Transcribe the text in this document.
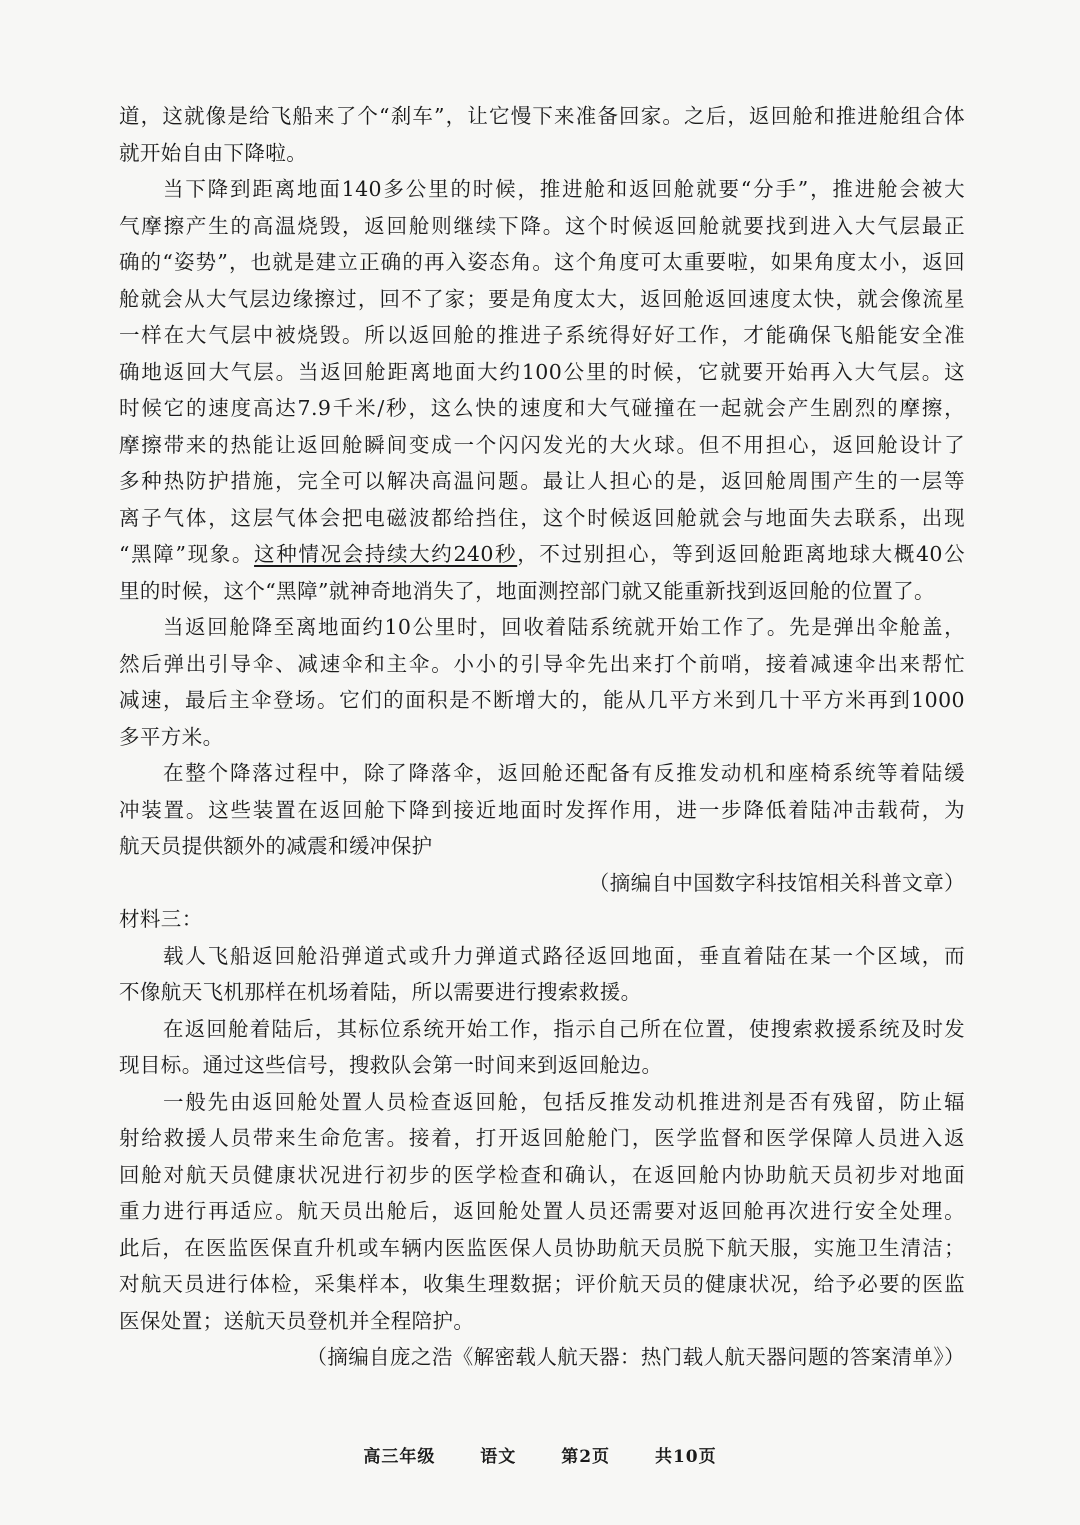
道，这就像是给飞船来了个“刹车”，让它慢下来准备回家。之后，返回舱和推进舱组合体
就开始自由下降啦。
当下降到距离地面140多公里的时候，推进舱和返回舱就要“分手”，推进舱会被大
气摩擦产生的高温烧毁，返回舱则继续下降。这个时候返回舱就要找到进入大气层最正
确的“姿势”，也就是建立正确的再入姿态角。这个角度可太重要啦，如果角度太小，返回
舱就会从大气层边缘擦过，回不了家；要是角度太大，返回舱返回速度太快，就会像流星
一样在大气层中被烧毁。所以返回舱的推进子系统得好好工作，才能确保飞船能安全准
确地返回大气层。当返回舱距离地面大约100公里的时候，它就要开始再入大气层。这
时候它的速度高达7.9千米/秒，这么快的速度和大气碰撞在一起就会产生剧烈的摩擦，
摩擦带来的热能让返回舱瞬间变成一个闪闪发光的大火球。但不用担心，返回舱设计了
多种热防护措施，完全可以解决高温问题。最让人担心的是，返回舱周围产生的一层等
离子气体，这层气体会把电磁波都给挡住，这个时候返回舱就会与地面失去联系，出现
“黑障”现象。这种情况会持续大约240秒，不过别担心，等到返回舱距离地球大概40公
里的时候，这个“黑障”就神奇地消失了，地面测控部门就又能重新找到返回舱的位置了。
当返回舱降至离地面约10公里时，回收着陆系统就开始工作了。先是弹出伞舱盖，
然后弹出引导伞、减速伞和主伞。小小的引导伞先出来打个前哨，接着减速伞出来帮忙
减速，最后主伞登场。它们的面积是不断增大的，能从几平方米到几十平方米再到1000
多平方米。
在整个降落过程中，除了降落伞，返回舱还配备有反推发动机和座椅系统等着陆缓
冲装置。这些装置在返回舱下降到接近地面时发挥作用，进一步降低着陆冲击载荷，为
航天员提供额外的减震和缓冲保护
（摘编自中国数字科技馆相关科普文章）
材料三：
载人飞船返回舱沿弹道式或升力弹道式路径返回地面，垂直着陆在某一个区域，而
不像航天飞机那样在机场着陆，所以需要进行搜索救援。
在返回舱着陆后，其标位系统开始工作，指示自己所在位置，使搜索救援系统及时发
现目标。通过这些信号，搜救队会第一时间来到返回舱边。
一般先由返回舱处置人员检查返回舱，包括反推发动机推进剂是否有残留，防止辐
射给救援人员带来生命危害。接着，打开返回舱舱门，医学监督和医学保障人员进入返
回舱对航天员健康状况进行初步的医学检查和确认，在返回舱内协助航天员初步对地面
重力进行再适应。航天员出舱后，返回舱处置人员还需要对返回舱再次进行安全处理。
此后，在医监医保直升机或车辆内医监医保人员协助航天员脱下航天服，实施卫生清洁；
对航天员进行体检，采集样本，收集生理数据；评价航天员的健康状况，给予必要的医监
医保处置；送航天员登机并全程陪护。
（摘编自庞之浩《解密载人航天器：热门载人航天器问题的答案清单》）
高三年级	语文	第2页	共10页
